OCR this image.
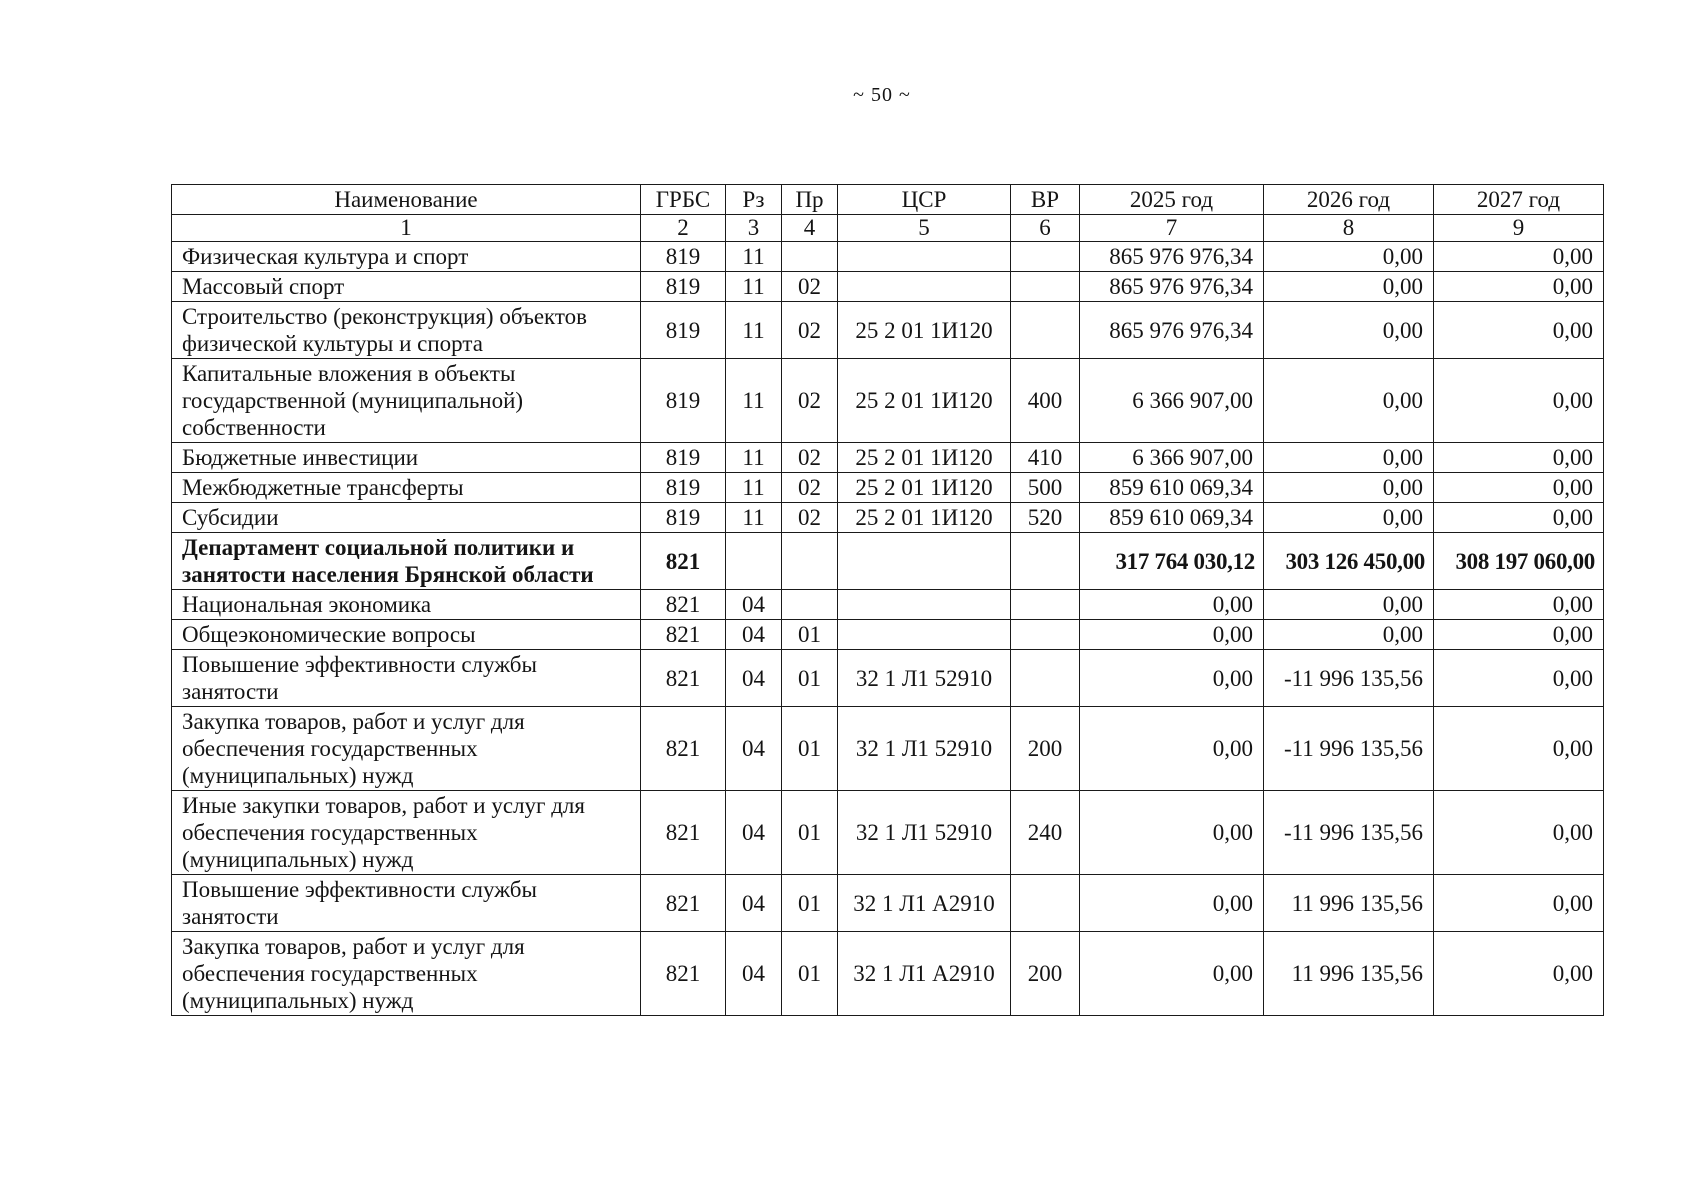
~ 50 ~
Наименование	ГРБС	Рз	Пр	ЦСР	ВР	2025 год	2026 год	2027 год
1	2	3	4	5	6	7	8	9
Физическая культура и спорт	819	11				865 976 976,34	0,00	0,00
Массовый спорт	819	11	02			865 976 976,34	0,00	0,00
Строительство (реконструкция) объектов физической культуры и спорта	819	11	02	25 2 01 1И120		865 976 976,34	0,00	0,00
Капитальные вложения в объекты государственной (муниципальной) собственности	819	11	02	25 2 01 1И120	400	6 366 907,00	0,00	0,00
Бюджетные инвестиции	819	11	02	25 2 01 1И120	410	6 366 907,00	0,00	0,00
Межбюджетные трансферты	819	11	02	25 2 01 1И120	500	859 610 069,34	0,00	0,00
Субсидии	819	11	02	25 2 01 1И120	520	859 610 069,34	0,00	0,00
Департамент социальной политики и занятости населения Брянской области	821					317 764 030,12	303 126 450,00	308 197 060,00
Национальная экономика	821	04				0,00	0,00	0,00
Общеэкономические вопросы	821	04	01			0,00	0,00	0,00
Повышение эффективности службы занятости	821	04	01	32 1 Л1 52910		0,00	-11 996 135,56	0,00
Закупка товаров, работ и услуг для обеспечения государственных (муниципальных) нужд	821	04	01	32 1 Л1 52910	200	0,00	-11 996 135,56	0,00
Иные закупки товаров, работ и услуг для обеспечения государственных (муниципальных) нужд	821	04	01	32 1 Л1 52910	240	0,00	-11 996 135,56	0,00
Повышение эффективности службы занятости	821	04	01	32 1 Л1 А2910		0,00	11 996 135,56	0,00
Закупка товаров, работ и услуг для обеспечения государственных (муниципальных) нужд	821	04	01	32 1 Л1 А2910	200	0,00	11 996 135,56	0,00
